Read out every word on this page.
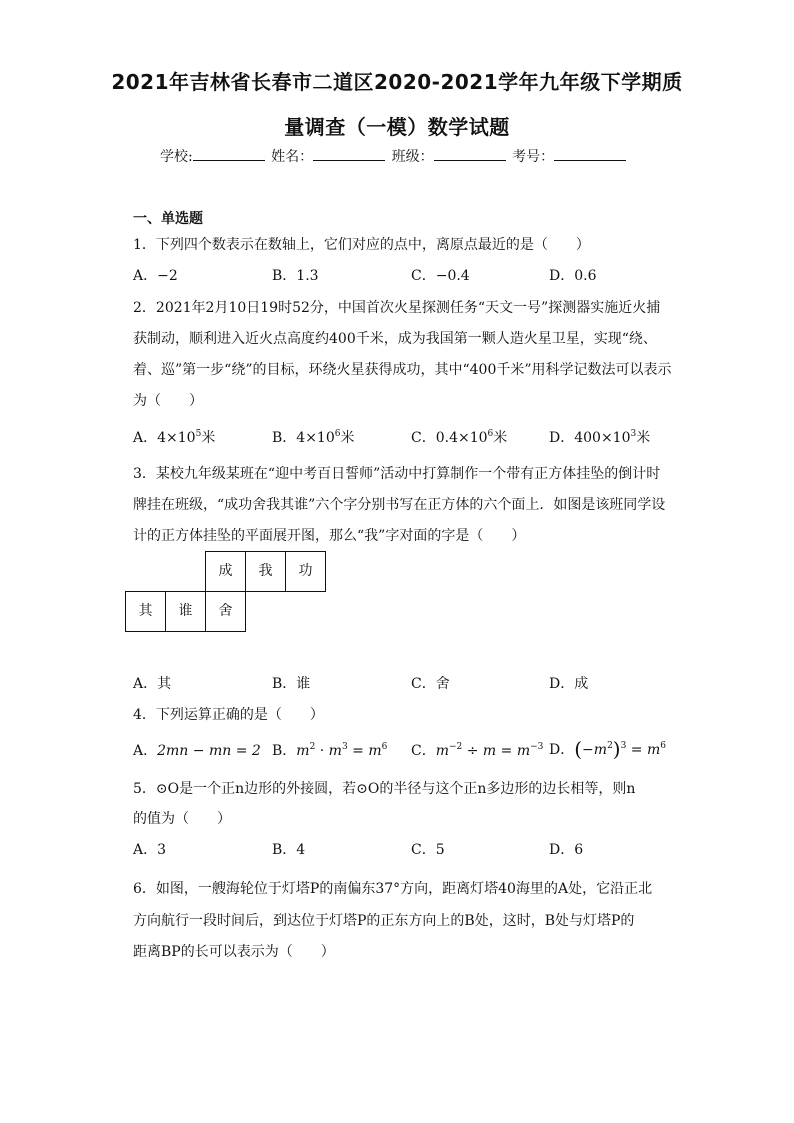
2021年吉林省长春市二道区2020-2021学年九年级下学期质
量调查（一模）数学试题
学校:	姓名：	班级：	考号：
一、单选题
1．下列四个数表示在数轴上，它们对应的点中，离原点最近的是（　　）
A．−2	B．1.3	C．−0.4	D．0.6
2．2021年2月10日19时52分，中国首次火星探测任务“天文一号”探测器实施近火捕
获制动，顺利进入近火点高度约400千米，成为我国第一颗人造火星卫星，实现“绕、
着、巡”第一步“绕”的目标，环绕火星获得成功，其中“400千米”用科学记数法可以表示
为（　　）
A．$4\times 10^5$米	B．$4\times 10^6$米	C．$0.4\times 10^6$米	D．$400\times 10^3$米
3．某校九年级某班在“迎中考百日誓师”活动中打算制作一个带有正方体挂坠的倒计时
牌挂在班级，“成功舍我其谁”六个字分别书写在正方体的六个面上．如图是该班同学设
计的正方体挂坠的平面展开图，那么“我”字对面的字是（　　）
成	我	功
其	谁	舍
A．其	B．谁	C．舍	D．成
4．下列运算正确的是（　　）
A．2mn − mn = 2 B．$m^2 \cdot m^3 = m^6$ C．$m^{-2} \div m = m^{-3}$ D．$(-m^2)^3 = m^6$
5．⊙O是一个正n边形的外接圆，若⊙O的半径与这个正n多边形的边长相等，则n
的值为（　　）
A．3	B．4	C．5	D．6
6．如图，一艘海轮位于灯塔P的南偏东37°方向，距离灯塔40海里的A处，它沿正北
方向航行一段时间后，到达位于灯塔P的正东方向上的B处，这时，B处与灯塔P的
距离BP的长可以表示为（　　）
